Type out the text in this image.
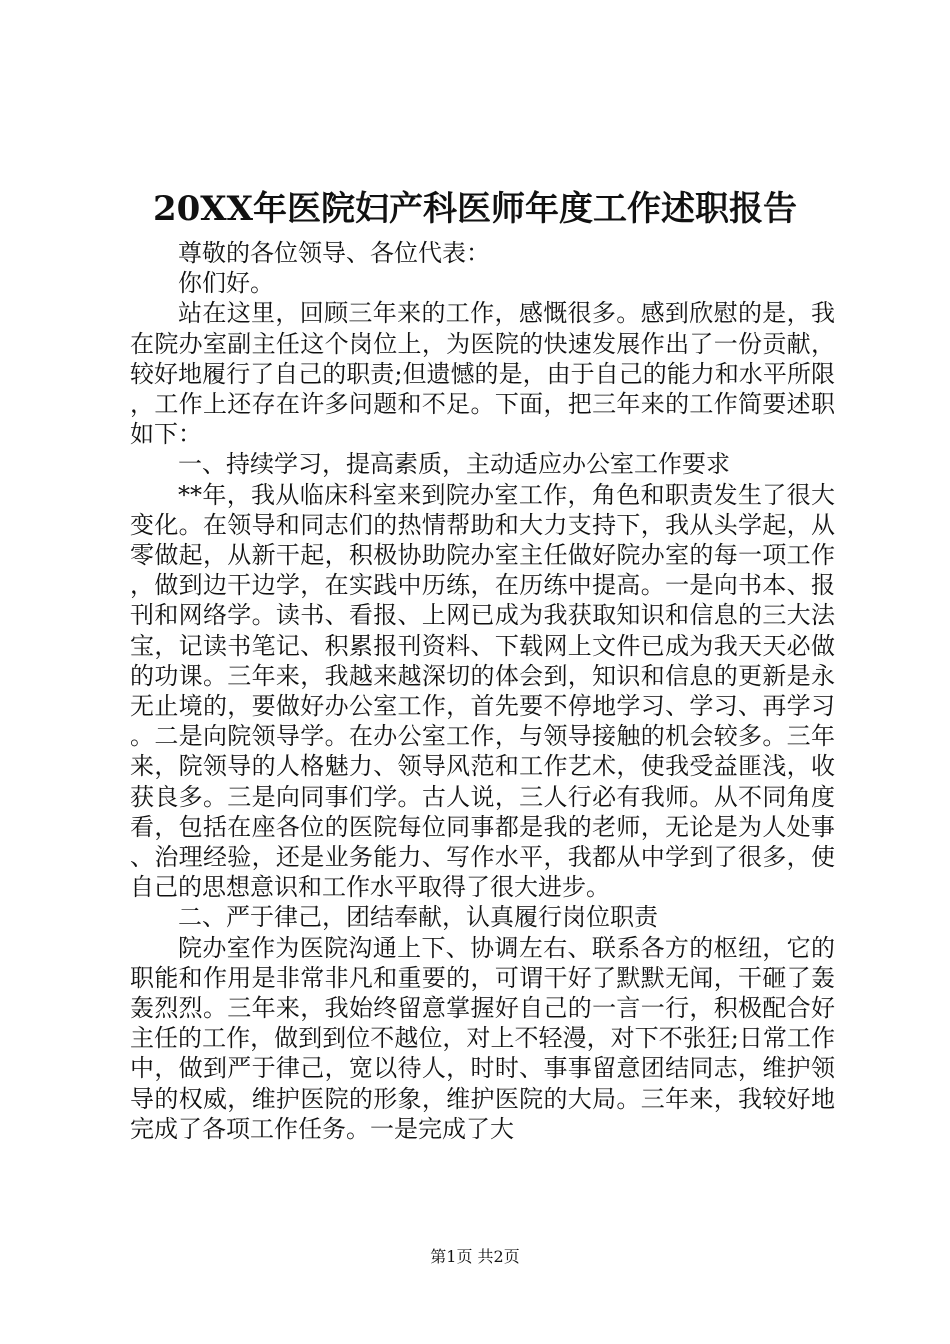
20XX年医院妇产科医师年度工作述职报告

尊敬的各位领导、各位代表：

你们好。

站在这里，回顾三年来的工作，感慨很多。感到欣慰的是，我在院办室副主任这个岗位上，为医院的快速发展作出了一份贡献，较好地履行了自己的职责;但遗憾的是，由于自己的能力和水平所限，工作上还存在许多问题和不足。下面，把三年来的工作简要述职如下：

一、持续学习，提高素质，主动适应办公室工作要求

**年，我从临床科室来到院办室工作，角色和职责发生了很大变化。在领导和同志们的热情帮助和大力支持下，我从头学起，从零做起，从新干起，积极协助院办室主任做好院办室的每一项工作，做到边干边学，在实践中历练，在历练中提高。一是向书本、报刊和网络学。读书、看报、上网已成为我获取知识和信息的三大法宝，记读书笔记、积累报刊资料、下载网上文件已成为我天天必做的功课。三年来，我越来越深切的体会到，知识和信息的更新是永无止境的，要做好办公室工作，首先要不停地学习、学习、再学习。二是向院领导学。在办公室工作，与领导接触的机会较多。三年来，院领导的人格魅力、领导风范和工作艺术，使我受益匪浅，收获良多。三是向同事们学。古人说，三人行必有我师。从不同角度看，包括在座各位的医院每位同事都是我的老师，无论是为人处事、治理经验，还是业务能力、写作水平，我都从中学到了很多，使自己的思想意识和工作水平取得了很大进步。

二、严于律己，团结奉献，认真履行岗位职责

院办室作为医院沟通上下、协调左右、联系各方的枢纽，它的职能和作用是非常非凡和重要的，可谓干好了默默无闻，干砸了轰轰烈烈。三年来，我始终留意掌握好自己的一言一行，积极配合好主任的工作，做到到位不越位，对上不轻漫，对下不张狂;日常工作中，做到严于律己，宽以待人，时时、事事留意团结同志，维护领导的权威，维护医院的形象，维护医院的大局。三年来，我较好地完成了各项工作任务。一是完成了大

第1页 共2页
